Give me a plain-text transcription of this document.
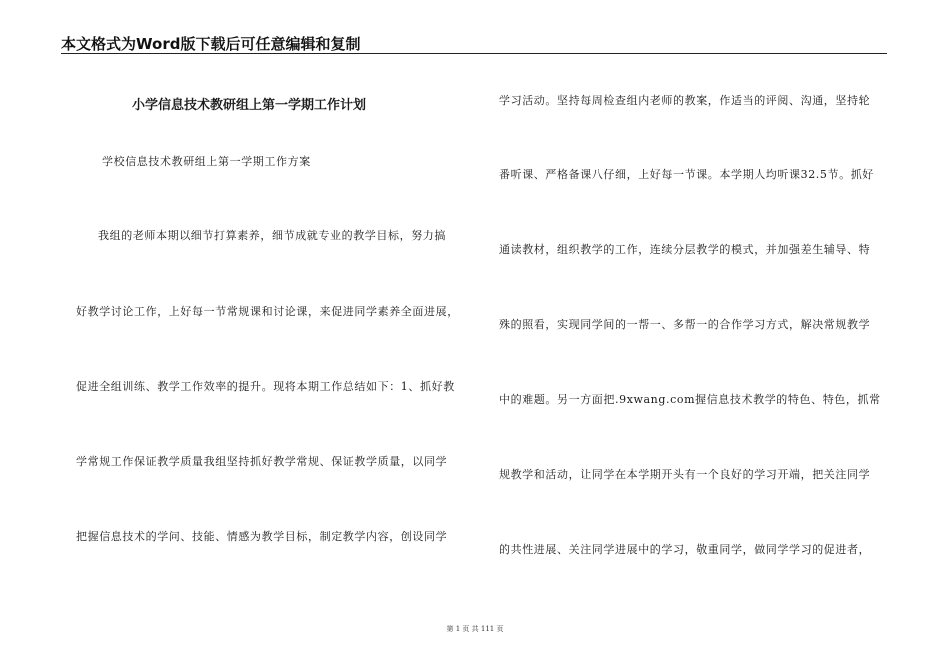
本文格式为Word版下载后可任意编辑和复制
小学信息技术教研组上第一学期工作计划
学校信息技术教研组上第一学期工作方案
我组的老师本期以细节打算素养，细节成就专业的教学目标，努力搞
好教学讨论工作，上好每一节常规课和讨论课，来促进同学素养全面进展，
促进全组训练、教学工作效率的提升。现将本期工作总结如下：1、抓好教
学常规工作保证教学质量我组坚持抓好教学常规、保证教学质量，以同学
把握信息技术的学问、技能、情感为教学目标，制定教学内容，创设同学
学习活动。坚持每周检查组内老师的教案，作适当的评阅、沟通，坚持轮
番听课、严格备课八仔细，上好每一节课。本学期人均听课32.5节。抓好
通读教材，组织教学的工作，连续分层教学的模式，并加强差生辅导、特
殊的照看，实现同学间的一帮一、多帮一的合作学习方式，解决常规教学
中的难题。另一方面把.9xwang.com握信息技术教学的特色、特色，抓常
规教学和活动，让同学在本学期开头有一个良好的学习开端，把关注同学
的共性进展、关注同学进展中的学习，敬重同学，做同学学习的促进者，
第 1 页 共 111 页
